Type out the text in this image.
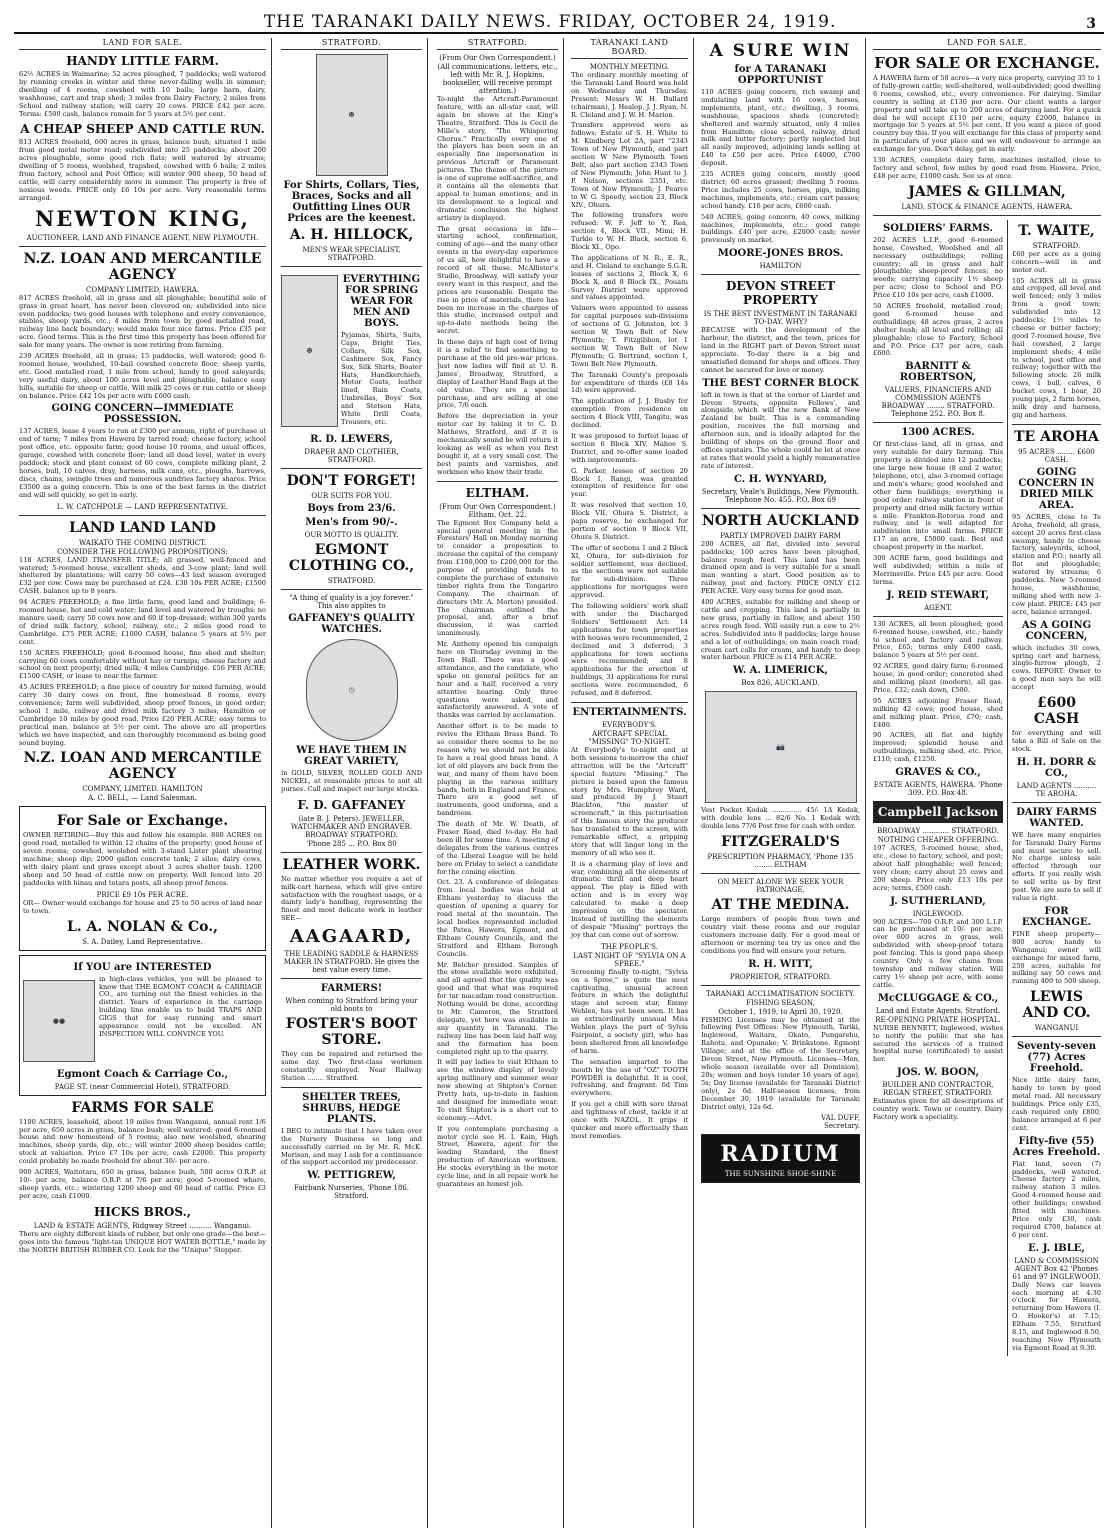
THE TARANAKI DAILY NEWS. FRIDAY, OCTOBER 24, 1919.	3
LAND FOR SALE.
HANDY LITTLE FARM.

62½ ACRES in Waimarino; 52 acres ploughed, 7 paddocks; well watered by running creeks in winter and three never-failing wells in summer; dwelling of 4 rooms, cowshed with 10 bails; large barn, dairy, washhouse, cart and trap shed; 3 miles from Dairy Factory, 2 miles from School and railway station; will carry 20 cows. PRICE £42 per acre. Terms: £500 cash, balance remain for 5 years at 5½ per cent.

A CHEAP SHEEP AND CATTLE RUN.

813 ACRES freehold, 600 acres in grass, balance bush; situated 1 mile from good metal motor road; subdivided into 25 paddocks; about 200 acres ploughable, some good rich flats; well watered by streams; dwelling of 5 rooms, woolshed, trapshed, cowshed with 6 bails; 2 miles from factory, school and Post Office; will winter 900 sheep, 50 head of cattle, will carry considerably more in summer. The property is free of noxious weeds. PRICE only £6 10s per acre. Very reasonable terms arranged.

NEWTON KING,
AUCTIONEER, LAND AND FINANCE AGENT, NEW PLYMOUTH.
N.Z. LOAN AND MERCANTILE AGENCY
COMPANY LIMITED, HAWERA.

817 ACRES freehold, all in grass and all ploughable; beautiful sole of grass in great heart, has never been clovered on; subdivided into nice even paddocks; two good houses with telephone and every convenience, stables, sheep yards, etc.; 4 miles from town by good metalled road, railway line back boundary; would make four nice farms. Price £35 per acre. Good terms. This is the first time this property has been offered for sale for many years. The owner is now retiring from farming.

239 ACRES freehold, all in grass; 15 paddocks, well watered; good 6-roomed house, woolshed, 10-bail cowshed concrete floor; sheep yards, etc. Good metalled road, 1 mile from school, handy to good saleyards; very useful dairy, about 100 acres level and ploughable, balance easy hills, suitable for sheep or cattle. Will milk 25 cows or run cattle or sheep on balance. Price £42 10s per acre with £600 cash.

GOING CONCERN—IMMEDIATE POSSESSION.

137 ACRES, lease 4 years to run at £300 per annum, right of purchase at end of term; 7 miles from Hawera by tarred road; cheese factory, school post office, etc. opposite farm; good house 10 rooms, and usual offices, garage, cowshed with concrete floor; land all dead level, water in every paddock; stock and plant consist of 60 cows, complete milking plant, 2 horses, bull, 10 calves, dray, harness, milk cans, etc., ploughs, harrows, discs, chains, swingle trees and numerous sundries factory shares. Price £3500 as a going concern. This is one of the best farms in the district and will sell quickly, so get in early.

L. W. CATCHPOLE — LAND REPRESENTATIVE.
LAND LAND LAND
WAIKATO THE COMING DISTRICT.
CONSIDER THE FOLLOWING PROPOSITIONS:

118 ACRES, LAND TRANSFER TITLE; all grassed, well-fenced and watered; 5-roomed house, excellent sheds, and 3-cow plant; land well sheltered by plantations; will carry 50 cows—43 last season averaged £32 per cow. Cows may be purchased at £24. £38 10s PER ACRE; £1500 CASH, balance up to 8 years.

94 ACRES FREEHOLD; a fine little farm, good land and buildings; 6-roomed house, hot and cold water; land level and watered by troughs; no manure used; carry 50 cows now and 60 if top-dressed; within 300 yards of dried milk factory, school, railway, etc.; 2 miles good road to Cambridge. £75 PER ACRE; £1000 CASH, balance 5 years at 5½ per cent.

150 ACRES FREEHOLD; good 6-roomed house, fine shed and shelter; carrying 60 cows comfortably without hay or turnips; cheese factory and school on next property; dried milk; 4 miles Cambridge. £56 PER ACRE; £1500 CASH, or lease to near the farmer.

45 ACRES FREEHOLD; a fine piece of country for mixed farming, would carry 30 dairy cows on front, fine homestead 8 rooms, every convenience; farm well subdivided, sheep proof fences, in good order; school 1 mile, railway and dried milk factory 3 miles; Hamilton or Cambridge 10 miles by good road. Price £20 PER ACRE; easy terms to practical man, balance at 5½ per cent. The above are all properties which we have inspected, and can thoroughly recommend as being good sound buying.

N.Z. LOAN AND MERCANTILE AGENCY
COMPANY, LIMITED. HAMILTON
A. C. BELL, — Land Salesman.
For Sale or Exchange.

OWNER RETIRING—Buy this and follow his example. 800 ACRES on good road, metalled to within 12 chains of the property; good house of seven rooms; cowshed, woolshed with 3-stand Lister plant shearing machine; sheep dip; 2000 gallon concrete tank; 2 silos; dairy cows, with dairy plant and grass except about 3 acres shelter bush. 1200 sheep and 50 head of cattle now on property. Well fenced into 20 paddocks with hinau and totara posts, all sheep proof fences.

PRICE £9 10s PER ACRE.

OR— Owner would exchange for house and 25 to 50 acres of land near to town.

L. A. NOLAN & Co.,
S. A. Dailey, Land Representative.
If YOU are INTERESTED
●●

in high-class vehicles, you will be pleased to know that THE EGMONT COACH & CARRIAGE CO., are turning out the finest vehicles in the district. Years of experience in the carriage building line enable us to build TRAPS AND GIGS that for easy running and smart appearance could not be excelled. AN INSPECTION WILL CONVINCE YOU.

Egmont Coach & Carriage Co.,
PAGE ST. (near Commercial Hotel), STRATFORD.
FARMS FOR SALE

1100 ACRES, leasehold, about 19 miles from Wanganui, annual rent 1/6 per acre, 650 acres in grass, balance bush; well watered; good 6-roomed house and new homestead of 5 rooms; also new woolshed, shearing machines, sheep yards, dip, etc.; will winter 2000 sheep besides cattle; stock at valuation. Price £7 10s per acre, cash £2000. This property could probably be made freehold for about 30/- per acre.

900 ACRES, Waitotara, 650 in grass, balance bush, 500 acres O.R.P. at 10/- per acre, balance O.R.P. at 7/6 per acre; good 5-roomed whare, sheep yards, etc.; wintering 1200 sheep and 60 head of cattle. Price £3 per acre, cash £1000.

HICKS BROS.,
LAND & ESTATE AGENTS, Ridgway Street .......... Wanganui.

There are eighty different kinds of rubber, but only one grade—the best—goes into the famous "light-tan UNIQUE HOT WATER BOTTLE," made by the NORTH BRITISH RUBBER CO. Look for the "Unique" Stopper.

STRATFORD.
☻
For Shirts, Collars, Ties, Braces, Socks and all Outfitting Lines OUR Prices are the keenest.
A. H. HILLOCK,
MEN'S WEAR SPECIALIST, STRATFORD.
☻
EVERYTHING FOR SPRING WEAR FOR MEN AND BOYS.

Pyjamas, Shirts, Suits, Caps, Bright Ties, Collars, Silk Sox, Cashmere Sox, Fancy Sox, Silk Shirts, Boater Hats, Handkerchiefs, Motor Coats, leather lined, Rain Coats, Umbrellas, Boys' Sox and Stetson Hats, White Drill Coats, Trousers, etc.

R. D. LEWERS,
DRAPER AND CLOTHIER, STRATFORD.
DON'T FORGET!
OUR SUITS FOR YOU.
Boys from 23/6.
Men's from 90/-.
OUR MOTTO IS QUALITY.
EGMONT CLOTHING CO.,
STRATFORD.
"A thing of quality is a joy forever." This also applies to
GAFFANEY'S QUALITY WATCHES.
◷
WE HAVE THEM IN GREAT VARIETY,

in GOLD, SILVER, ROLLED GOLD AND NICKEL, at reasonable prices to suit all purses. Call and inspect our large stocks.

F. D. GAFFANEY
(late B. J. Peters). JEWELLER, WATCHMAKER AND ENGRAVER. BROADWAY STRATFORD.
'Phone 285 ... P.O. Box 80
LEATHER WORK.

No matter whether you require a set of milk-cart harness, which will give entire satisfaction with the roughest usage, or a dainty lady's handbag, representing the finest and most delicate work in leather SEE—

AAGAARD,
THE LEADING SADDLE & HARNESS MAKER IN STRATFORD. He gives the best value every time.
FARMERS!
When coming to Stratford bring your old boots to
FOSTER'S BOOT STORE.

They can be repaired and returned the same day. Two first-class workmen constantly employed. Near Railway Station ........ Stratford.

SHELTER TREES, SHRUBS, HEDGE PLANTS.

I BEG to intimate that I have taken over the Nursery Business so long and successfully carried on by Mr. R. McK. Morison, and may I ask for a continuance of the support accorded my predecessor.

W. PETTIGREW,
Fairbank Nurseries, 'Phone 186. Stratford.
STRATFORD.
(From Our Own Correspondent.)
(All communications, letters, etc., left with Mr. R. J. Hopkins, bookseller, will receive prompt attention.)

To-night the Artcraft-Paramount feature, with an all-star cast, will again be shown at the King's Theatre, Stratford. This is Cecil de Mille's story, "The Whispering Chorus." Practically every one of the players has been seen in an especially fine impersonation in previous Artcraft or Paramount pictures. The theme of the picture is one of supreme self-sacrifice, and it contains all the elements that appeal to human emotions; and in its development to a logical and dramatic conclusion the highest artistry is displayed.

The great occasions in life—starting school, confirmation, coming of age—and the many other events in the every-day experience of us all, how delightful to have a record of all these. McAllister's Studio, Broadway, will satisfy your every want in this respect, and the prices are reasonable. Despite the rise in price of materials, there has been no increase in the charges of this studio, increased output and up-to-date methods being the secret.

In these days of high cost of living it is a relief to find something to purchase at the old pre-war prices. Just now ladies will find at U. R. James', Broadway, Stratford, a display of Leather Hand Bags at the old value. They are a special purchase, and are selling at one price, 7/6 each.

Before the depreciation in your motor car by taking it to C. D. Mathews, Stratford, and if it is mechanically sound he will return it looking as well as when you first bought it, at a very small cost. The best paints and varnishes, and workmen who know their trade.

ELTHAM.
(From Our Own Correspondent.) Eltham, Oct. 22.

The Egmont Box Company held a special general meeting in the Foresters' Hall on Monday morning to consider a proposition to increase the capital of the company from £100,000 to £200,000 for the purpose of providing funds to complete the purchase of extensive timber rights from the Tongariro Company. The chairman of directors (Mr. A. Morton) presided. The chairman outlined the proposal, and, after a brief discussion, it was carried unanimously.

Mr. Anthony opened his campaign here on Thursday evening in the Town Hall. There was a good attendance, and the candidate, who spoke on general politics for an hour and a half, received a very attentive hearing. Only three questions were asked, and satisfactorily answered. A vote of thanks was carried by acclamation.

Another effort is to be made to revive the Eltham Brass Band. To so consider there seems to be no reason why we should not be able to have a real good brass band. A lot of old players are back from the war, and many of them have been playing in the various military bands, both in England and France. There are a good set of instruments, good uniforms, and a bandroom.

The death of Mr. W. Death, of Fraser Road, died to-day. He had been ill for some time. A meeting of delegates from the various centres of the Liberal League will be held here on Friday to select a candidate for the coming election.

Oct. 23. A conference of delegates from local bodies was held at Eltham yesterday to discuss the question of opening a quarry for road metal at the mountain. The local bodies represented included the Patea, Hawera, Egmont, and Eltham County Councils, and the Stratford and Eltham Borough Councils.

Mr. Belcher presided. Samples of the stone available were exhibited, and all agreed that the quality was good and that what was required for tar macadam road construction. Nothing would be done, according to Mr. Cameron, the Stratford delegate, yet here was available in any quantity in Taranaki. The railway line has been laid half way, and the formation has been completed right up to the quarry.

It will pay ladies to visit Eltham to see the window display of lovely spring millinery and summer wear now showing at Shipton's Corner. Pretty hats, up-to-date in fashion and designed for immediate wear. To visit Shipton's is a short cut to economy.—Advt.

If you contemplate purchasing a motor cycle see H. I. Kain, High Street, Hawera, agent for the leading Standard, the finest production of American workmen. He stocks everything in the motor cycle line, and in all repair work he guarantees an honest job.

TARANAKI LAND BOARD.
MONTHLY MEETING.

The ordinary monthly meeting of the Taranaki Land Board was held on Wednesday and Thursday. Present: Messrs W. H. Bullard (chairman), J. Healop, J. J. Ryan, N. R. Cleland and J. W. H. Marion.

Transfers approved were as follows: Estate of S. H. White to M. Kindberg Lot 2A, part "2343 Town of New Plymouth, and part section W New Plymouth Town Belt, also part section 2343 Town of New Plymouth; John Hunt to J. P. Nelson, sections 2351, etc. Town of New Plymouth; J. Pearce to W. G. Speedy, section 23, Block XIV., Ohura.

The following transfers were refused: W. F. Jeff to Y. Rea, section 4, Block VII., Mimi; H. Turkle to W. H. Black, section 6, Block XI., Opo.

The applications of N. R., E. R., and H. Cleland to exchange S.G.R. leases of sections 2, Block X, 6 Block X, and 8 Block IX., Pouatu Survey District were approved and values appointed.

Valuers were appointed to assess for capital purposes sub-divisions of sections of G. Johnston, lot 3 section W, Town Belt of New Plymouth; T. Fitzgibbon, lot 1 section W, Town Belt of New Plymouth; G. Bertrand, section 1, Town Belt New Plymouth.

The Taranaki County's proposals for expenditure of thirds (£8 14s 1d) were approved.

The application of J. J. Busby for exemption from residence on section 4 Block VIII, Tangitu, was declined.

It was proposed to forfeit lease of section 6 Block XIV, Mahoe S. District, and re-offer same loaded with improvements.

G. Parker, lessee of section 20 Block I, Rangi, was granted exemption of residence for one year.

It was resolved that section 10, Block VII, Ohura S. District, a papa reserve, be exchanged for portion of section 9 Block VII, Ohura S. District.

The offer of sections 1 and 2 Block XI, Ohura, for sub-division for soldier settlement, was declined, as the sections were not suitable for sub-division. Three applications for mortgages were approved.

The following soldiers' work shall with under the Discharged Soldiers' Settlement Act: 14 applications for town properties with houses were recommended, 2 declined and 3 deferred; 3 applications for town sections were recommended; and 8 applications for the erection of buildings, 31 applications for rural sections were recommended, 6 refused, and 8 deferred.

ENTERTAINMENTS.
EVERYBODY'S.
ARTCRAFT SPECIAL "MISSING" TO-NIGHT.

At Everybody's to-night and at both sessions to-morrow the chief attraction will be the "Artcraft" special feature "Missing." The picture is based upon the famous story by Mrs. Humphrey Ward, and produced by J. Stuart Blackton, "the master of screencraft," in this picturisation of this famous story the producer has translated to the screen, with remarkable effect, a gripping story that will linger long in the memory of all who see it.

It is a charming play of love and war, combining all the elements of dramatic thrill and deep heart appeal. The play is filled with action and is in every way calculated to make a deep impression on the spectator. Instead of instilling the elements of despair "Missing" portrays the joy that can come out of sorrow.

THE PEOPLE'S.
LAST NIGHT OF "SYLVIA ON A SPREE."

Screening finally to-night, "Sylvia on a Spree," is quite the most captivating, unusual screen feature in which the delightful stage and screen star, Emmy Wehlen, has yet been seen. It has an extraordinarily unusual Miss Wehlen plays the part of Sylvia Fairpoint, a society girl, who has been sheltered from all knowledge of harm.

The sensation imparted to the mouth by the use of "OZ" TOOTH POWDER is delightful. It is cool, refreshing, and fragrant. 6d Tins everywhere.

If you get a chill with sore throat and tightness of chest, tackle it at once with NAZOL. It grips it quicker and more effectually than most remedies.

A SURE WIN
for A TARANAKI OPPORTUNIST

110 ACRES going concern, rich swamp and undulating land with 16 cows, horses, implements, plant, etc.; dwelling, 3 rooms, washhouse, spacious sheds (concreted); sheltered and warmly situated, only 4 miles from Hamilton; close school, railway, dried milk and butter factory; partly neglected but all easily improved; adjoining lands selling at £40 to £50 per acre. Price £4000, £700 deposit.

235 ACRES going concern, mostly good district; 60 acres grassed; dwelling 5 rooms. Price includes 25 cows, horses, pigs, milking machines, implements, etc.; cream cart passes; school handy. £16 per acre, £600 cash.

540 ACRES, going concern, 40 cows, milking machines, implements, etc.; good range buildings. £40 per acre, £2000 cash; never previously on market.

MOORE-JONES BROS.
HAMILTON
DEVON STREET PROPERTY
IS THE BEST INVESTMENT IN TARANAKI TO-DAY. WHY?

BECAUSE with the development of the harbour, the district, and the town, prices for land in the RIGHT part of Devon Street must appreciate. To-day there is a big and unsatisfied demand for shops and offices. They cannot be secured for love or money.

THE BEST CORNER BLOCK

left in town is that at the corner of Liardet and Devon Streets, opposite Fellows', and alongside which will the new Bank of New Zealand be built. This is a commanding position, receives the full morning and afternoon sun, and is ideally adapted for the building of shops on the ground floor and offices upstairs. The whole could be let at once at rates that would yield a highly remunerative rate of interest.

C. H. WYNYARD,
Secretary, Veale's Buildings, New Plymouth. Telephone No. 455. P.O. Box 69
NORTH AUCKLAND
PARTLY IMPROVED DAIRY FARM

200 ACRES, all flat, divided into several paddocks; 100 acres have been ploughed, balance rough feed. This land has been drained open and is very suitable for a small man wanting a start. Good position as to railway, post and factory. PRICE ONLY £12 PER ACRE. Very easy terms for good man.

400 ACRES, suitable for milking and sheep or cattle and cropping. This land is partially in new grass, partially in fallow, and about 150 acres rough feed. Will easily run a cow to 2½ acres. Subdivided into 8 paddocks; large house and a lot of outbuildings; on main coach road; cream cart calls for cream, and handy to deep water harbour. PRICE is £14 PER ACRE.

W. A. LIMERICK,
Box 826, AUCKLAND.
📷

Vest Pocket Kodak .............. 45/- 1A Kodak, with double lens ... 82/6 No. 1 Kodak with double lens 77/6 Post free for cash with order.

FITZGERALD'S
PRESCRIPTION PHARMACY, 'Phone 135 ........ ELTHAM
ON MEET ALONE WE SEEK YOUR PATRONAGE.
AT THE MEDINA.

Large numbers of people from town and country visit these rooms and our regular customers increase daily. For a good meal or afternoon or morning tea try us once and the conditions you find will ensure your return.

R. H. WITT,
PROPRIETOR, STRATFORD.
TARANAKI ACCLIMATISATION SOCIETY.
FISHING SEASON,
October 1, 1919, to April 30, 1920.

FISHING Licenses may be obtained at the following Post Offices: New Plymouth, Tariki, Inglewood, Waitara, Okato, Pungarehu, Rahotu, and Opunake; V. Brinkstone, Egmont Village; and at the office of the Secretary, Devon Street, New Plymouth. Licenses—Men, whole season (available over all Dominion), 20s; women and boys (under 16 years of age), 5s; Day license (available for Taranaki District only), 2s 6d. Half-season licenses, from December 30, 1919 (available for Taranaki District only), 12s 6d.

VAL DUFF,
Secretary.
RADIUM
THE SUNSHINE SHOE-SHINE
LAND FOR SALE.
FOR SALE OR EXCHANGE.

A HAWERA farm of 58 acres—a very nice property, carrying 35 to 1 of fully-grown cattle; well-sheltered, well-subdivided; good dwelling 6 rooms, cowshed, etc.; every convenience. For dairying. Similar country is selling at £130 per acre. Our client wants a larger property and will take up to 200 acres of dairying land. For a quick deal he will accept £110 per acre, equity £2000, balance in mortgage for 5 years at 5½ per cent. If you want a piece of good country buy this. If you will exchange for this class of property send in particulars of your place and we will endeavour to arrange an exchange for you. Don't delay, get in early.

130 ACRES, complete dairy farm, machines installed, close to factory and school, few miles by good road from Hawera. Price, £48 per acre, £1000 cash. See us at once.

JAMES & GILLMAN,
LAND, STOCK & FINANCE AGENTS, HAWERA.
SOLDIERS' FARMS.

202 ACRES L.I.P., good 6-roomed house, Cowshed, Woolshed and all necessary outbuildings; rolling country; all in grass and half ploughable; sheep-proof fences; no weeds; carrying capacity 1½ sheep per acre; close to School and P.O. Price £10 10s per acre, cash £1000.

50 ACRES freehold, metalled road; good 6-roomed house and outbuildings; 48 acres grass, 2 acres shelter bush; all level and rolling; all ploughable; close to Factory, School and P.O. Price £37 per acre, cash £600.

BARNITT & ROBERTSON,
VALUERS, FINANCIERS AND COMMISSION AGENTS BROADWAY ........ STRATFORD. Telephone 252. P.O. Box 8.
1300 ACRES.

Of first-class land, all in grass, and very suitable for dairy farming. This property is divided into 12 paddocks; one large new house (8 and 2 water, telephone, etc), also 3-roomed cottage and men's whare; good woolshed and other farm buildings; everything is good order; railway station in front of property and dried milk factory within a mile. Frankton-Rotorua road and railway, and is well adapted for subdivision into small farms. PRICE £17 an acre, £5000 cash. Best and cheapest property in the market.

300 ACRE farm, good buildings and well subdivided; within a mile of Morrinsville. Price £45 per acre. Good terms.

J. REID STEWART,
AGENT.

130 ACRES, all been ploughed; good 6-roomed house, cowshed, etc.; handy to school and factory and railway. Price, £65; terms only £400 cash, balance 5 years at 5½ per cent.

92 ACRES, good dairy farm; 6-roomed house, in good order; concreted shed and milking plant (modern), all gas. Price, £32; cash down, £500.

95 ACRES adjoining Fraser Road; milking 42 cows; good house, shed and milking plant. Price, £70; cash, £400.

90 ACRES, all flat and highly improved; splendid house and outbuildings, milking shed, etc. Price, £110; cash, £1250.

GRAVES & CO.,
ESTATE AGENTS, HAWERA. 'Phone 309. P.O. Box 48.
Campbell Jackson
BROADWAY ............ STRATFORD.
NOTHING CHEAPER OFFERING.

197 ACRES, 5-roomed house, shed, etc., close to factory, school, and post; about half ploughable; well fenced; very clean; carry about 25 cows and 200 sheep. Price only £13 10s per acre; terms, £500 cash.

J. SUTHERLAND,
INGLEWOOD.

900 ACRES—700 O.R.P. and 300 L.I.P. can be purchased at 10/- per acre, over 600 acres in grass, well subdivided with sheep-proof totara post fencing. This is good papa sheep country. Only a few chains from township and railway station. Will carry 1½ sheep per acre, with some cattle.

McCLUGGAGE & CO.,
Land and Estate Agents, Stratford.
RE-OPENING PRIVATE HOSPITAL.

NURSE BENNETT, Inglewood, wishes to notify the public that she has secured the services of a trained hospital nurse (certificated) to assist her.

JOS. W. BOON,
BUILDER AND CONTRACTOR, REGAN STREET, STRATFORD.

Estimates given for all descriptions of country work. Town or country. Dairy Factory work a speciality.

T. WAITE,
STRATFORD.

£60 per acre as a going concern—well in and motor out.

105 ACRES all in grass and cropped, all level and well fenced; only 3 miles from a good town; subdivided into 12 paddocks; 1½ miles to cheese or butter factory; good 7-roomed house, five bail cowshed, 2 large implement sheds; 4 mile to school, post office and railway; together with the following stock: 26 milk cows, 1 bull, calves, 6 bucket cows, 1 boar, 20 young pigs, 2 farm horses, milk dray and harness, gig and harness.

TE AROHA
95 ACRES ........ £600 CASH.
GOING CONCERN IN DRIED MILK AREA.

95 ACRES, close to Te Aroha, freehold, all grass, except 20 acres first-class swampy, handy to cheese factory, saleyards, school, station and P.O.; nearly all flat and ploughable; watered by streams; 6 paddocks. New 5-roomed house, washhouse, milking shed with new 3-cow plant. PRICE: £45 per acre, balance arranged.

AS A GOING CONCERN,

which includes 30 cows, spring cart and harness, single-furrow plough, 2 cows. REPORT: Owner to a good man says he will accept

£600 CASH

for everything and will take a Bill of Sale on the stock.

H. H. DORR & CO.,
LAND AGENTS .......... TE AROHA.
DAIRY FARMS WANTED.

WE have many enquiries for Taranaki Dairy Farms and must secure to sell. No charge unless sale effected through our efforts. If you really wish to sell write us by first post. We are sure to sell if value is right.

FOR EXCHANGE.

FINE sheep property—800 acres; handy to Wanganui; owner will exchange for mixed farm, 250 acres, suitable for milking say 50 cows and running 400 to 500 sheep.

LEWIS AND CO.
WANGANUI
Seventy-seven (77) Acres Freehold.

Nice little dairy farm, handy to town by good metal road. All necessary buildings. Price only £35, cash required only £800, balance arranged at 6 per cent.

Fifty-five (55) Acres Freehold.

Flat land, seven (7) paddocks, well watered. Cheese factory 2 miles, railway station 3 miles. Good 4-roomed house and other buildings; cowshed fitted with machines. Price only £30, cash required £700, balance at 6 per cent.

E. J. IBLE,
LAND & COMMISSION AGENT Box 42 'Phones 61 and 97 INGLEWOOD.

Daily News car leaves each morning at 4.30 o'clock for Hawera, returning from Hawera (I. O. Hooker's) at 7.15; Eltham 7.55, Stratford 8.15, and Inglewood 8.50, reaching New Plymouth via Egmont Road at 9.30.
